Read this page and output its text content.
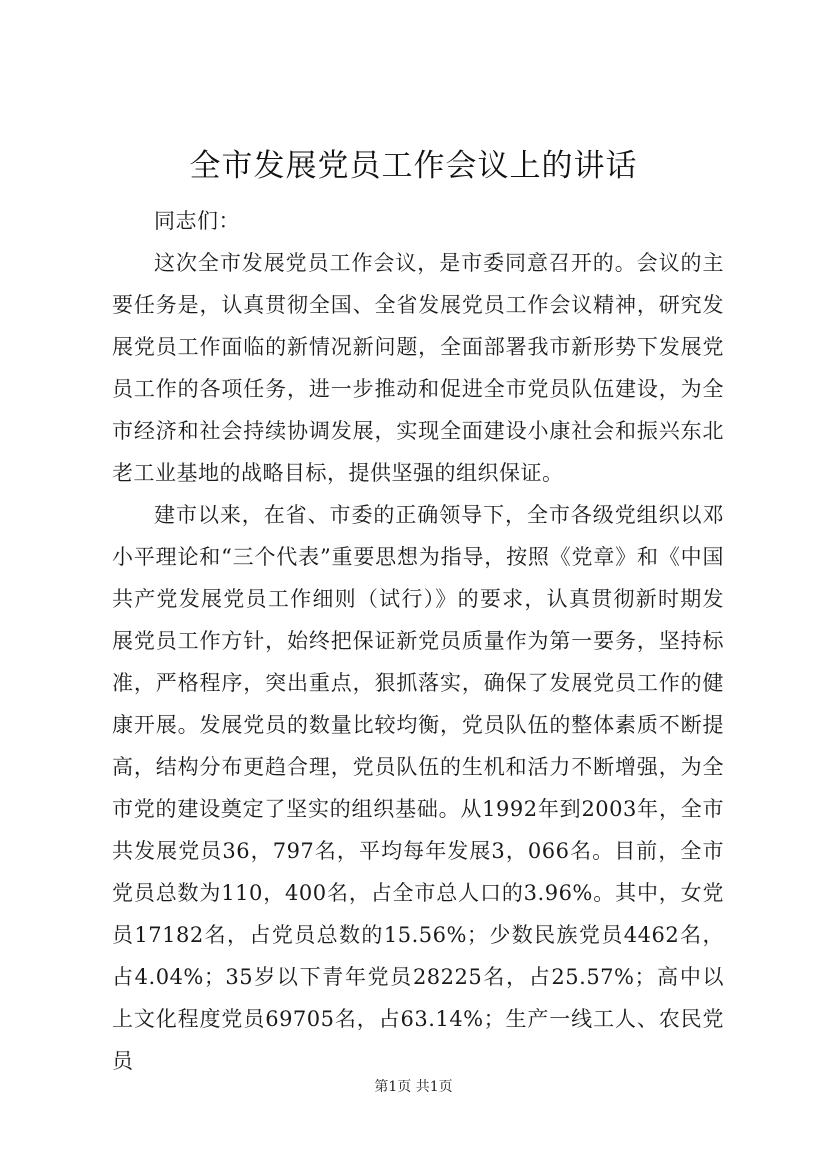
全市发展党员工作会议上的讲话

同志们：

这次全市发展党员工作会议，是市委同意召开的。会议的主要任务是，认真贯彻全国、全省发展党员工作会议精神，研究发展党员工作面临的新情况新问题，全面部署我市新形势下发展党员工作的各项任务，进一步推动和促进全市党员队伍建设，为全市经济和社会持续协调发展，实现全面建设小康社会和振兴东北老工业基地的战略目标，提供坚强的组织保证。

建市以来，在省、市委的正确领导下，全市各级党组织以邓小平理论和“三个代表”重要思想为指导，按照《党章》和《中国共产党发展党员工作细则（试行）》的要求，认真贯彻新时期发展党员工作方针，始终把保证新党员质量作为第一要务，坚持标准，严格程序，突出重点，狠抓落实，确保了发展党员工作的健康开展。发展党员的数量比较均衡，党员队伍的整体素质不断提高，结构分布更趋合理，党员队伍的生机和活力不断增强，为全市党的建设奠定了坚实的组织基础。从1992年到2003年，全市共发展党员36，797名，平均每年发展3，066名。目前，全市党员总数为110，400名，占全市总人口的3.96%。其中，女党员17182名，占党员总数的15.56%；少数民族党员4462名，占4.04%；35岁以下青年党员28225名，占25.57%；高中以上文化程度党员69705名，占63.14%；生产一线工人、农民党员

第1页 共1页
